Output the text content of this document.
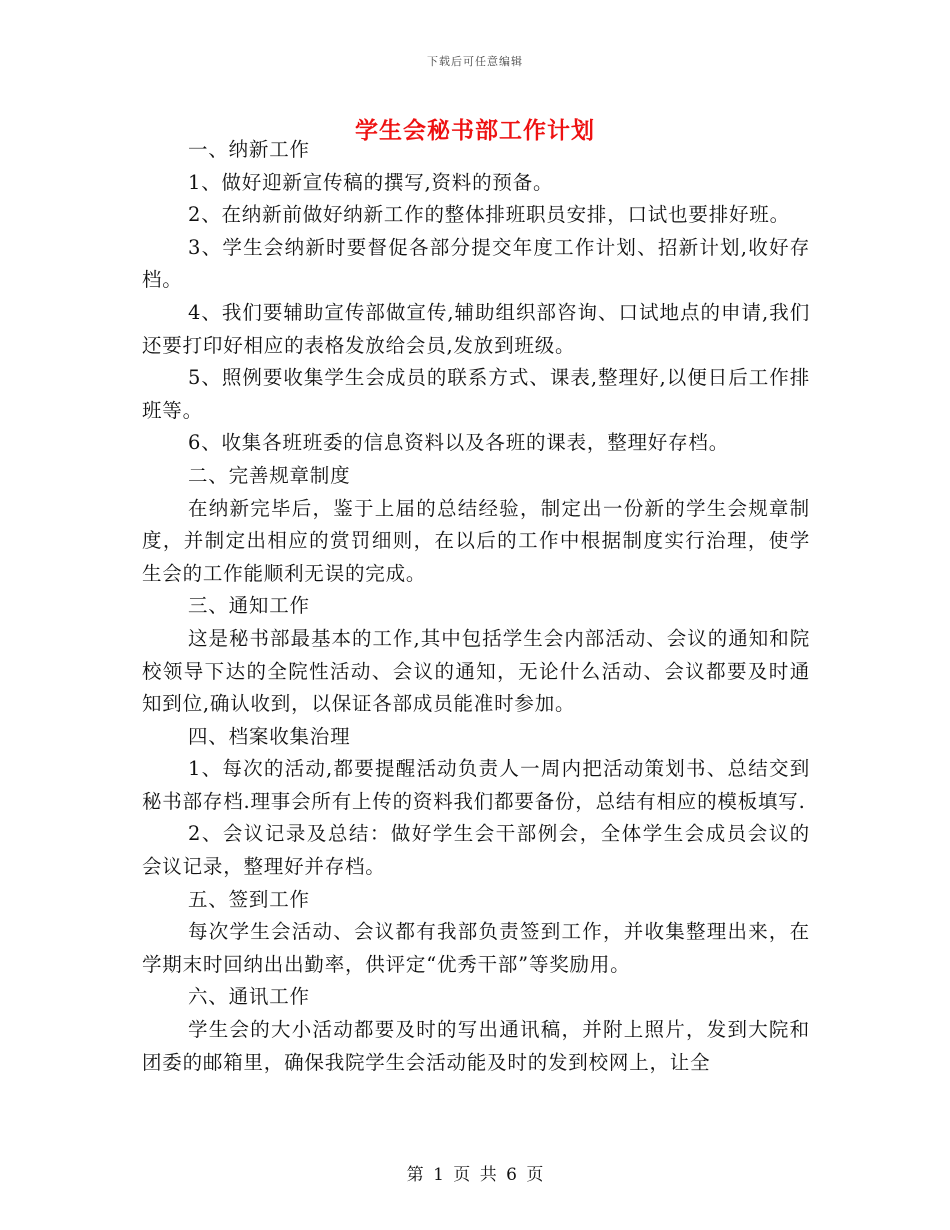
下载后可任意编辑
学生会秘书部工作计划

一、纳新工作

1、做好迎新宣传稿的撰写,资料的预备。

2、在纳新前做好纳新工作的整体排班职员安排，口试也要排好班。

3、学生会纳新时要督促各部分提交年度工作计划、招新计划,收好存档。

4、我们要辅助宣传部做宣传,辅助组织部咨询、口试地点的申请,我们还要打印好相应的表格发放给会员,发放到班级。

5、照例要收集学生会成员的联系方式、课表,整理好,以便日后工作排班等。

6、收集各班班委的信息资料以及各班的课表，整理好存档。

二、完善规章制度

在纳新完毕后，鉴于上届的总结经验，制定出一份新的学生会规章制度，并制定出相应的赏罚细则，在以后的工作中根据制度实行治理，使学生会的工作能顺利无误的完成。

三、通知工作

这是秘书部最基本的工作,其中包括学生会内部活动、会议的通知和院校领导下达的全院性活动、会议的通知，无论什么活动、会议都要及时通知到位,确认收到，以保证各部成员能准时参加。

四、档案收集治理

1、每次的活动,都要提醒活动负责人一周内把活动策划书、总结交到秘书部存档.理事会所有上传的资料我们都要备份，总结有相应的模板填写.

2、会议记录及总结：做好学生会干部例会，全体学生会成员会议的会议记录，整理好并存档。

五、签到工作

每次学生会活动、会议都有我部负责签到工作，并收集整理出来，在学期末时回纳出出勤率，供评定“优秀干部”等奖励用。

六、通讯工作

学生会的大小活动都要及时的写出通讯稿，并附上照片，发到大院和团委的邮箱里，确保我院学生会活动能及时的发到校网上，让全

第 1 页 共 6 页
